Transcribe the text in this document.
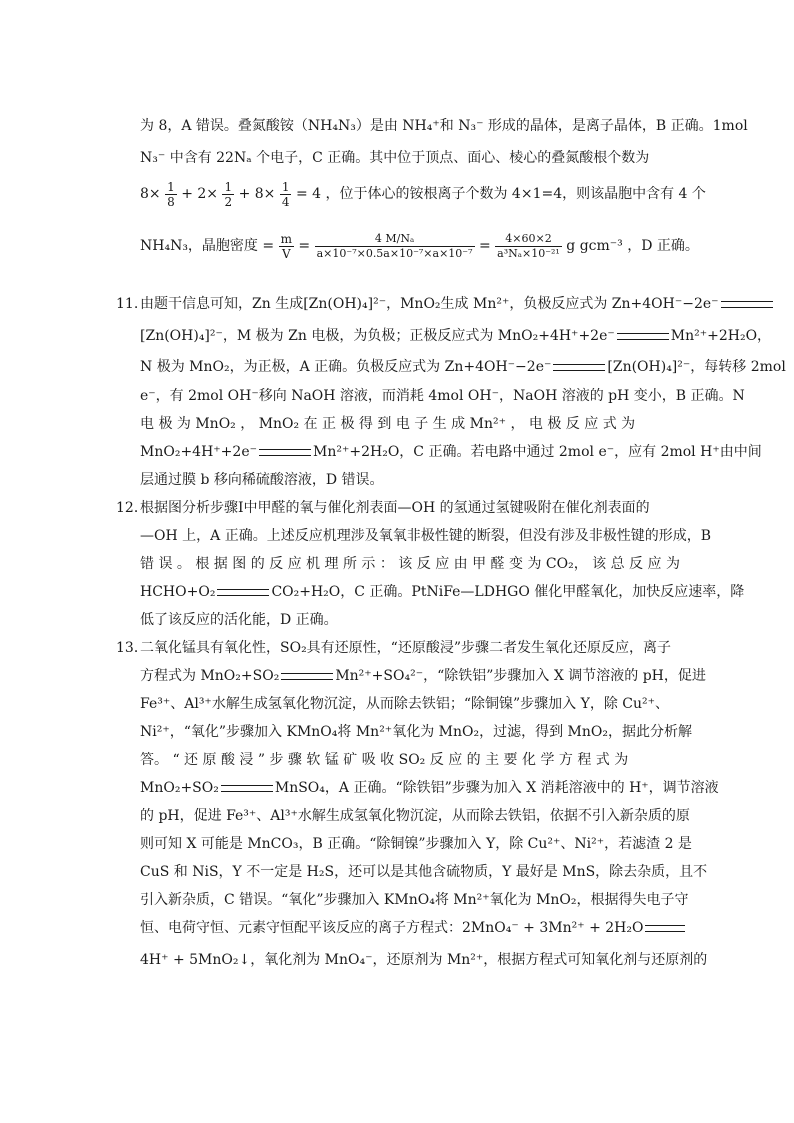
为 8，A 错误。叠氮酸铵（NH₄N₃）是由 NH₄⁺和 N₃⁻ 形成的晶体，是离子晶体，B 正确。1mol
N₃⁻ 中含有 22Nₐ 个电子，C 正确。其中位于顶点、面心、棱心的叠氮酸根个数为
$8\times \frac{1}{8} + 2\times \frac{1}{2} + 8\times \frac{1}{4} = 4$ ，位于体心的铵根离子个数为 4×1=4，则该晶胞中含有 4 个
NH₄N₃，晶胞密度 = $\frac{m}{V} = \frac{\text{4 M/Nₐ}}{\text{a×10⁻⁷×0.5a×10⁻⁷×a×10⁻⁷}} = \frac{4\times 60\times 2}{\text{a³Nₐ×10⁻²¹}}$ g gcm⁻³ ，D 正确。
11. 由题干信息可知，Zn 生成[Zn(OH)₄]²⁻，MnO₂生成 Mn²⁺，负极反应式为 Zn+4OH⁻−2e⁻
[Zn(OH)₄]²⁻，M 极为 Zn 电极，为负极；正极反应式为 MnO₂+4H⁺+2e⁻	Mn²⁺+2H₂O，
N 极为 MnO₂，为正极，A 正确。负极反应式为 Zn+4OH⁻−2e⁻	[Zn(OH)₄]²⁻，每转移 2mol
e⁻，有 2mol OH⁻移向 NaOH 溶液，而消耗 4mol OH⁻，NaOH 溶液的 pH 变小，B 正确。N
电 极 为 MnO₂ ， MnO₂ 在 正 极 得 到 电 子 生 成 Mn²⁺ ， 电 极 反 应 式 为
MnO₂+4H⁺+2e⁻	Mn²⁺+2H₂O，C 正确。若电路中通过 2mol e⁻，应有 2mol H⁺由中间
层通过膜 b 移向稀硫酸溶液，D 错误。
12．
根据图分析步骤Ⅰ中甲醛的氧与催化剂表面—OH 的氢通过氢键吸附在催化剂表面的
—OH 上，A 正确。上述反应机理涉及氧氧非极性键的断裂，但没有涉及非极性键的形成，B
错 误 。 根 据 图 的 反 应 机 理 所 示 ： 该 反 应 由 甲 醛 变 为 CO₂， 该 总 反 应 为
HCHO+O₂	CO₂+H₂O，C 正确。PtNiFe—LDHGO 催化甲醛氧化，加快反应速率，降
低了该反应的活化能，D 正确。
13．
二氧化锰具有氧化性，SO₂具有还原性，“还原酸浸”步骤二者发生氧化还原反应，离子
方程式为 MnO₂+SO₂	Mn²⁺+SO₄²⁻，“除铁铝”步骤加入 X 调节溶液的 pH，促进
Fe³⁺、Al³⁺水解生成氢氧化物沉淀，从而除去铁铝；“除铜镍”步骤加入 Y，除 Cu²⁺、
Ni²⁺，“氧化”步骤加入 KMnO₄将 Mn²⁺氧化为 MnO₂，过滤，得到 MnO₂，据此分析解
答。 “ 还 原 酸 浸 ” 步 骤 软 锰 矿 吸 收 SO₂ 反 应 的 主 要 化 学 方 程 式 为
MnO₂+SO₂	MnSO₄，A 正确。“除铁铝”步骤为加入 X 消耗溶液中的 H⁺，调节溶液
的 pH，促进 Fe³⁺、Al³⁺水解生成氢氧化物沉淀，从而除去铁铝，依据不引入新杂质的原
则可知 X 可能是 MnCO₃，B 正确。“除铜镍”步骤加入 Y，除 Cu²⁺、Ni²⁺，若滤渣 2 是
CuS 和 NiS，Y 不一定是 H₂S，还可以是其他含硫物质，Y 最好是 MnS，除去杂质，且不
引入新杂质，C 错误。“氧化”步骤加入 KMnO₄将 Mn²⁺氧化为 MnO₂，根据得失电子守
恒、电荷守恒、元素守恒配平该反应的离子方程式：2MnO₄⁻ + 3Mn²⁺ + 2H₂O
4H⁺ + 5MnO₂↓，氧化剂为 MnO₄⁻，还原剂为 Mn²⁺，根据方程式可知氧化剂与还原剂的
